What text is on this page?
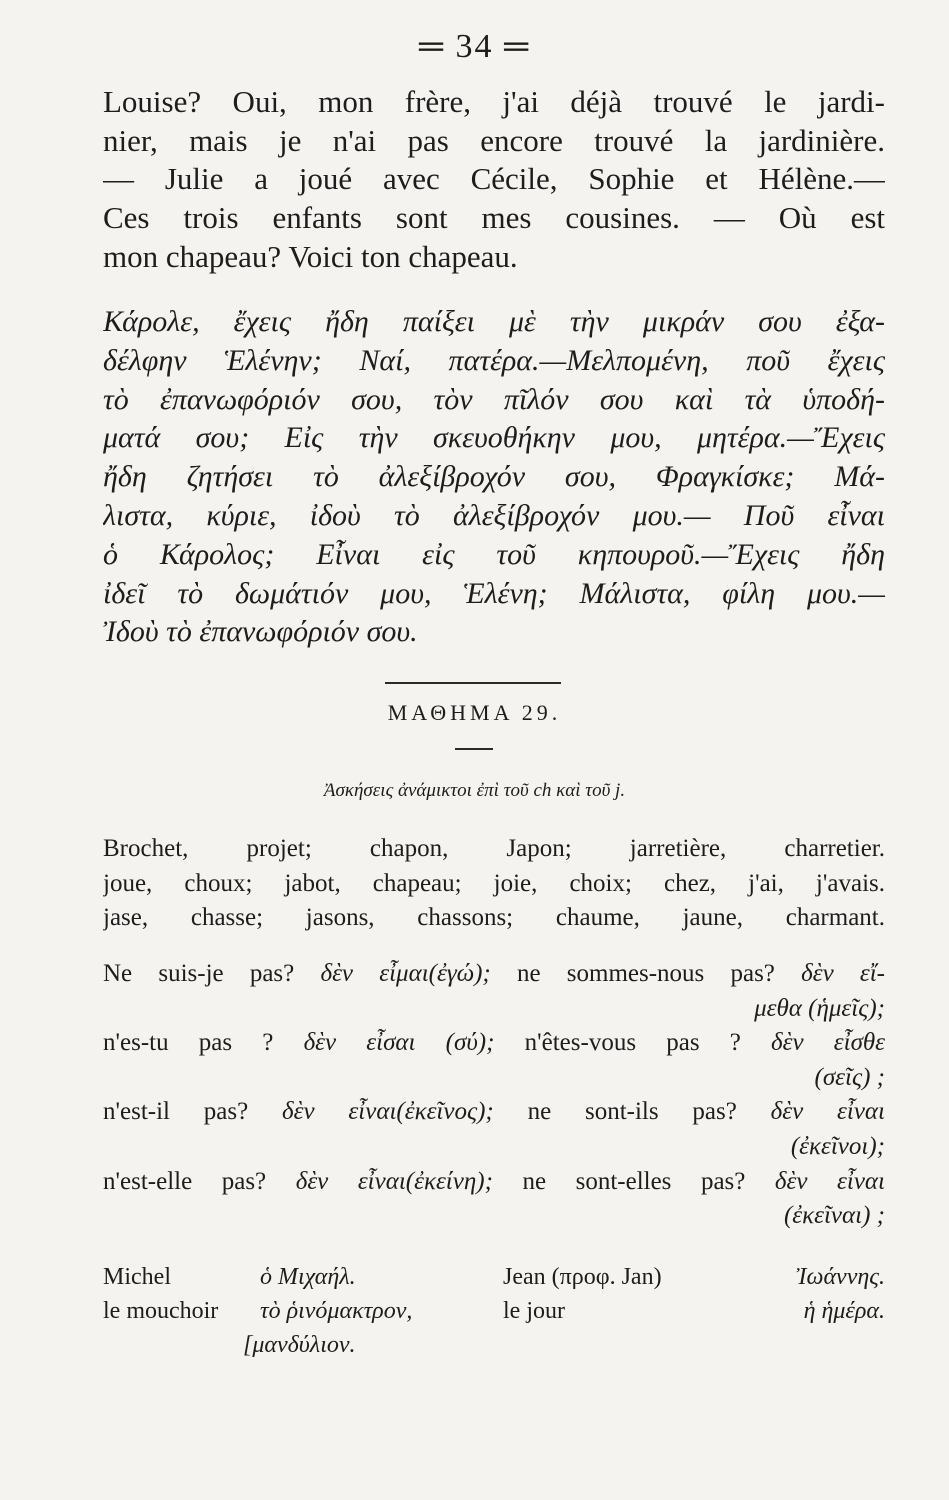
═ 34 ═
Louise? Oui, mon frère, j'ai déjà trouvé le jardi-
nier, mais je n'ai pas encore trouvé la jardinière.
— Julie a joué avec Cécile, Sophie et Hélène.—
Ces trois enfants sont mes cousines. — Où est
mon chapeau? Voici ton chapeau.
Κάρολε, ἔχεις ἤδη παίξει μὲ τὴν μικράν σου ἐξα-
δέλφην Ἑλένην; Ναί, πατέρα.—Μελπομένη, ποῦ ἔχεις
τὸ ἐπανωφόριόν σου, τὸν πῖλόν σου καὶ τὰ ὑποδή-
ματά σου; Εἰς τὴν σκευοθήκην μου, μητέρα.—Ἔχεις
ἤδη ζητήσει τὸ ἀλεξίβροχόν σου, Φραγκίσκε; Μά-
λιστα, κύριε, ἰδοὺ τὸ ἀλεξίβροχόν μου.— Ποῦ εἶναι
ὁ Κάρολος; Εἶναι εἰς τοῦ κηπουροῦ.—Ἔχεις ἤδη
ἰδεῖ τὸ δωμάτιόν μου, Ἑλένη; Μάλιστα, φίλη μου.—
Ἰδοὺ τὸ ἐπανωφόριόν σου.
ΜΑΘΗΜΑ 29.
Ἀσκήσεις ἀνάμικτοι ἐπὶ τοῦ ch καὶ τοῦ j.
Brochet, projet; chapon, Japon; jarretière, charretier.
joue, choux; jabot, chapeau; joie, choix; chez, j'ai, j'avais.
jase, chasse; jasons, chassons; chaume, jaune, charmant.
Ne suis-je pas? δὲν εἶμαι(ἐγώ); ne sommes-nous pas? δὲν εἴ-
μεθα (ἡμεῖς);
n'es-tu pas ? δὲν εἶσαι (σύ); n'êtes-vous pas ? δὲν εἶσθε
(σεῖς) ;
n'est-il pas? δὲν εἶναι(ἐκεῖνος); ne sont-ils pas? δὲν εἶναι
(ἐκεῖνοι);
n'est-elle pas? δὲν εἶναι(ἐκείνη); ne sont-elles pas? δὲν εἶναι
(ἐκεῖναι) ;
Michel	ὁ Μιχαήλ.	Jean (προφ. Jan)	Ἰωάννης.
le mouchoir τὸ ῥινόμακτρον,	le jour	ἡ ἡμέρα.
[μανδύλιον.
